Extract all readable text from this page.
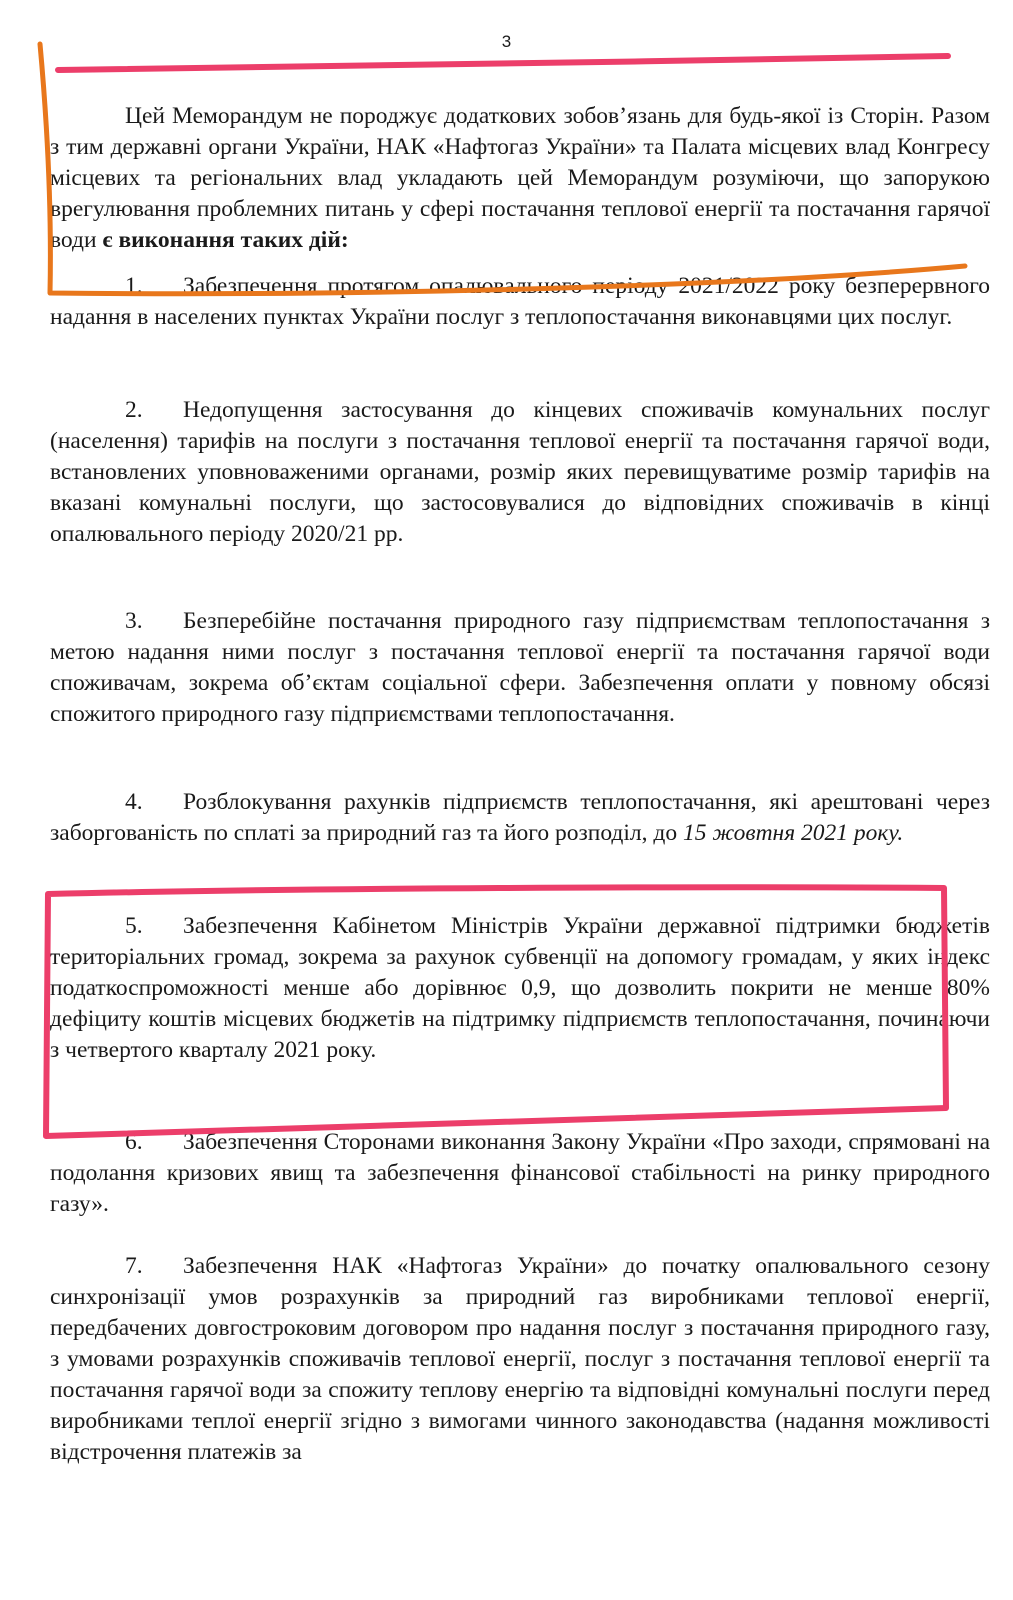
3

Цей Меморандум не породжує додаткових зобов’язань для будь-якої із Сторін. Разом з тим державні органи України, НАК «Нафтогаз України» та Палата місцевих влад Конгресу місцевих та регіональних влад укладають цей Меморандум розуміючи, що запорукою врегулювання проблемних питань у сфері постачання теплової енергії та постачання гарячої води є виконання таких дій:

1. Забезпечення протягом опалювального періоду 2021/2022 року безперервного надання в населених пунктах України послуг з теплопостачання виконавцями цих послуг.

2. Недопущення застосування до кінцевих споживачів комунальних послуг (населення) тарифів на послуги з постачання теплової енергії та постачання гарячої води, встановлених уповноваженими органами, розмір яких перевищуватиме розмір тарифів на вказані комунальні послуги, що застосовувалися до відповідних споживачів в кінці опалювального періоду 2020/21 рр.

3. Безперебійне постачання природного газу підприємствам теплопостачання з метою надання ними послуг з постачання теплової енергії та постачання гарячої води споживачам, зокрема об’єктам соціальної сфери. Забезпечення оплати у повному обсязі спожитого природного газу підприємствами теплопостачання.

4. Розблокування рахунків підприємств теплопостачання, які арештовані через заборгованість по сплаті за природний газ та його розподіл, до 15 жовтня 2021 року.

5. Забезпечення Кабінетом Міністрів України державної підтримки бюджетів територіальних громад, зокрема за рахунок субвенції на допомогу громадам, у яких індекс податкоспроможності менше або дорівнює 0,9, що дозволить покрити не менше 80% дефіциту коштів місцевих бюджетів на підтримку підприємств теплопостачання, починаючи з четвертого кварталу 2021 року.

6. Забезпечення Сторонами виконання Закону України «Про заходи, спрямовані на подолання кризових явищ та забезпечення фінансової стабільності на ринку природного газу».

7. Забезпечення НАК «Нафтогаз України» до початку опалювального сезону синхронізації умов розрахунків за природний газ виробниками теплової енергії, передбачених довгостроковим договором про надання послуг з постачання природного газу, з умовами розрахунків споживачів теплової енергії, послуг з постачання теплової енергії та постачання гарячої води за спожиту теплову енергію та відповідні комунальні послуги перед виробниками теплої енергії згідно з вимогами чинного законодавства (надання можливості відстрочення платежів за
